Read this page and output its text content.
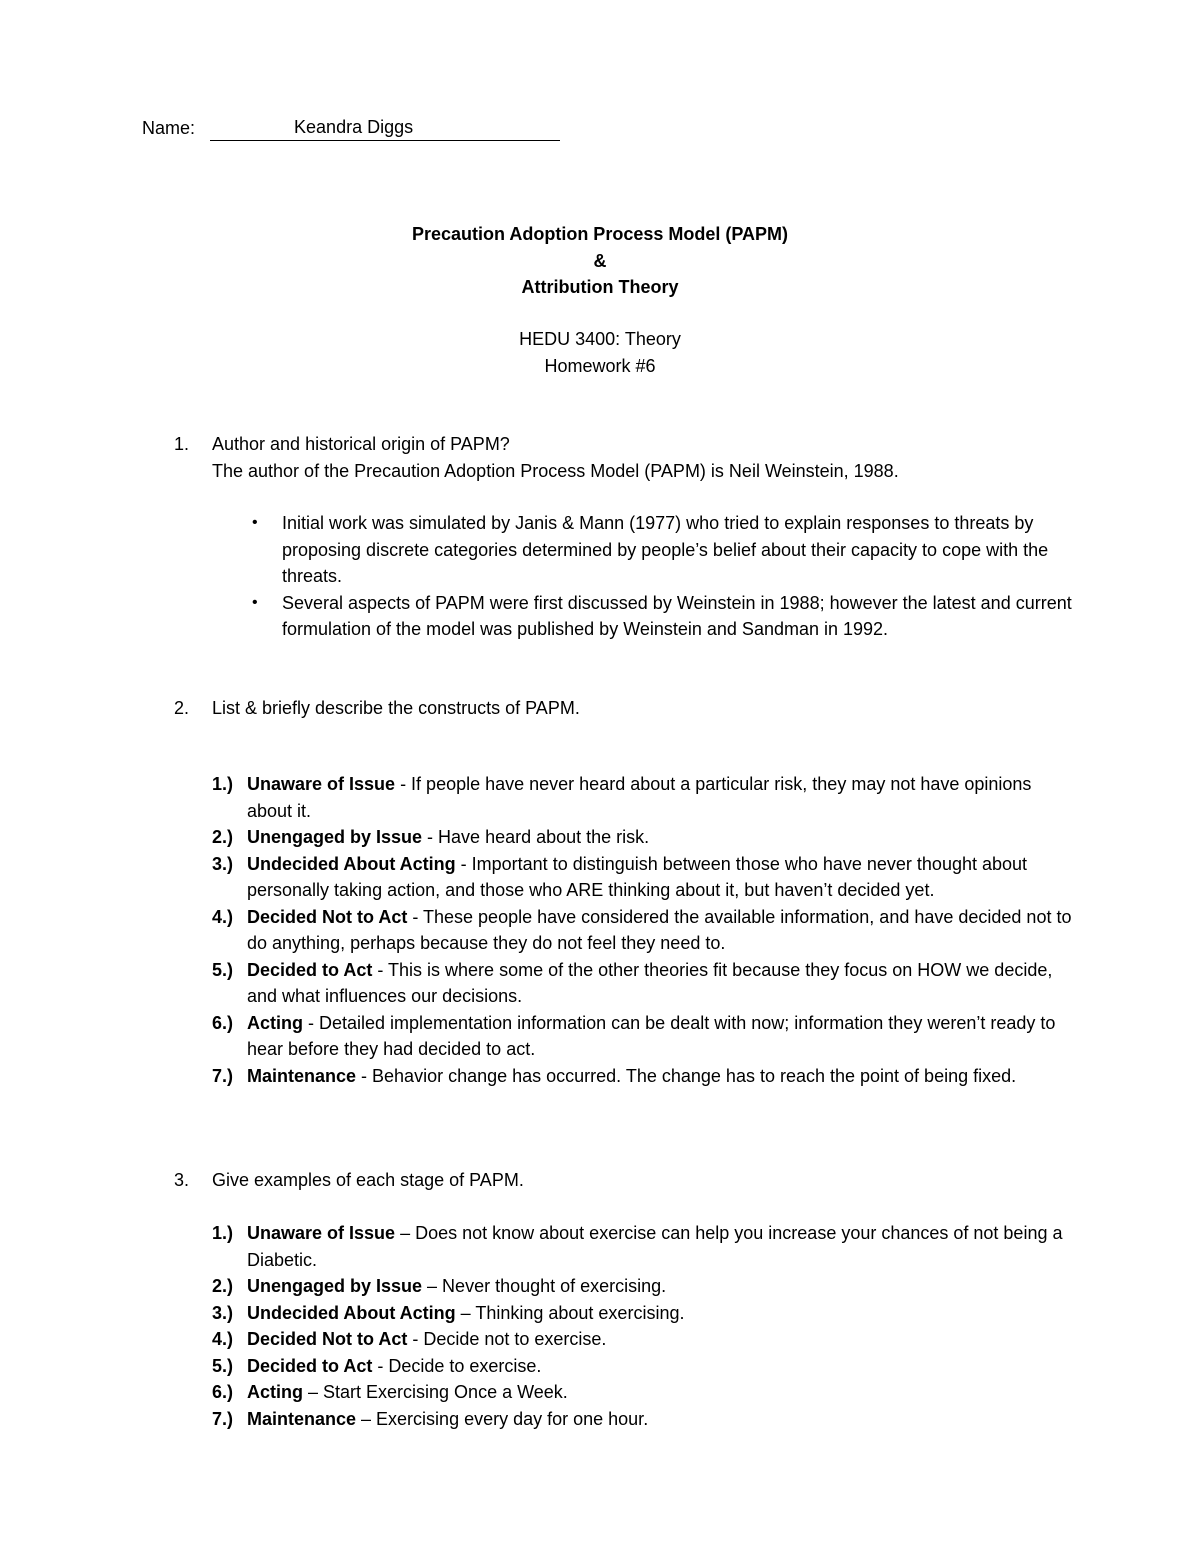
Name:	Keandra Diggs
Precaution Adoption Process Model (PAPM)
&
Attribution Theory
HEDU 3400: Theory
Homework #6
1.	Author and historical origin of PAPM?
The author of the Precaution Adoption Process Model (PAPM) is Neil Weinstein, 1988.
• Initial work was simulated by Janis & Mann (1977) who tried to explain responses to threats by proposing discrete categories determined by people’s belief about their capacity to cope with the threats.
• Several aspects of PAPM were first discussed by Weinstein in 1988; however the latest and current formulation of the model was published by Weinstein and Sandman in 1992.
2.	List & briefly describe the constructs of PAPM.
1.) Unaware of Issue - If people have never heard about a particular risk, they may not have opinions about it.
2.) Unengaged by Issue - Have heard about the risk.
3.) Undecided About Acting - Important to distinguish between those who have never thought about personally taking action, and those who ARE thinking about it, but haven’t decided yet.
4.) Decided Not to Act - These people have considered the available information, and have decided not to do anything, perhaps because they do not feel they need to.
5.) Decided to Act - This is where some of the other theories fit because they focus on HOW we decide, and what influences our decisions.
6.) Acting - Detailed implementation information can be dealt with now; information they weren’t ready to hear before they had decided to act.
7.) Maintenance - Behavior change has occurred. The change has to reach the point of being fixed.
3.	Give examples of each stage of PAPM.
1.) Unaware of Issue – Does not know about exercise can help you increase your chances of not being a Diabetic.
2.) Unengaged by Issue – Never thought of exercising.
3.) Undecided About Acting – Thinking about exercising.
4.) Decided Not to Act - Decide not to exercise.
5.) Decided to Act - Decide to exercise.
6.) Acting – Start Exercising Once a Week.
7.) Maintenance – Exercising every day for one hour.
